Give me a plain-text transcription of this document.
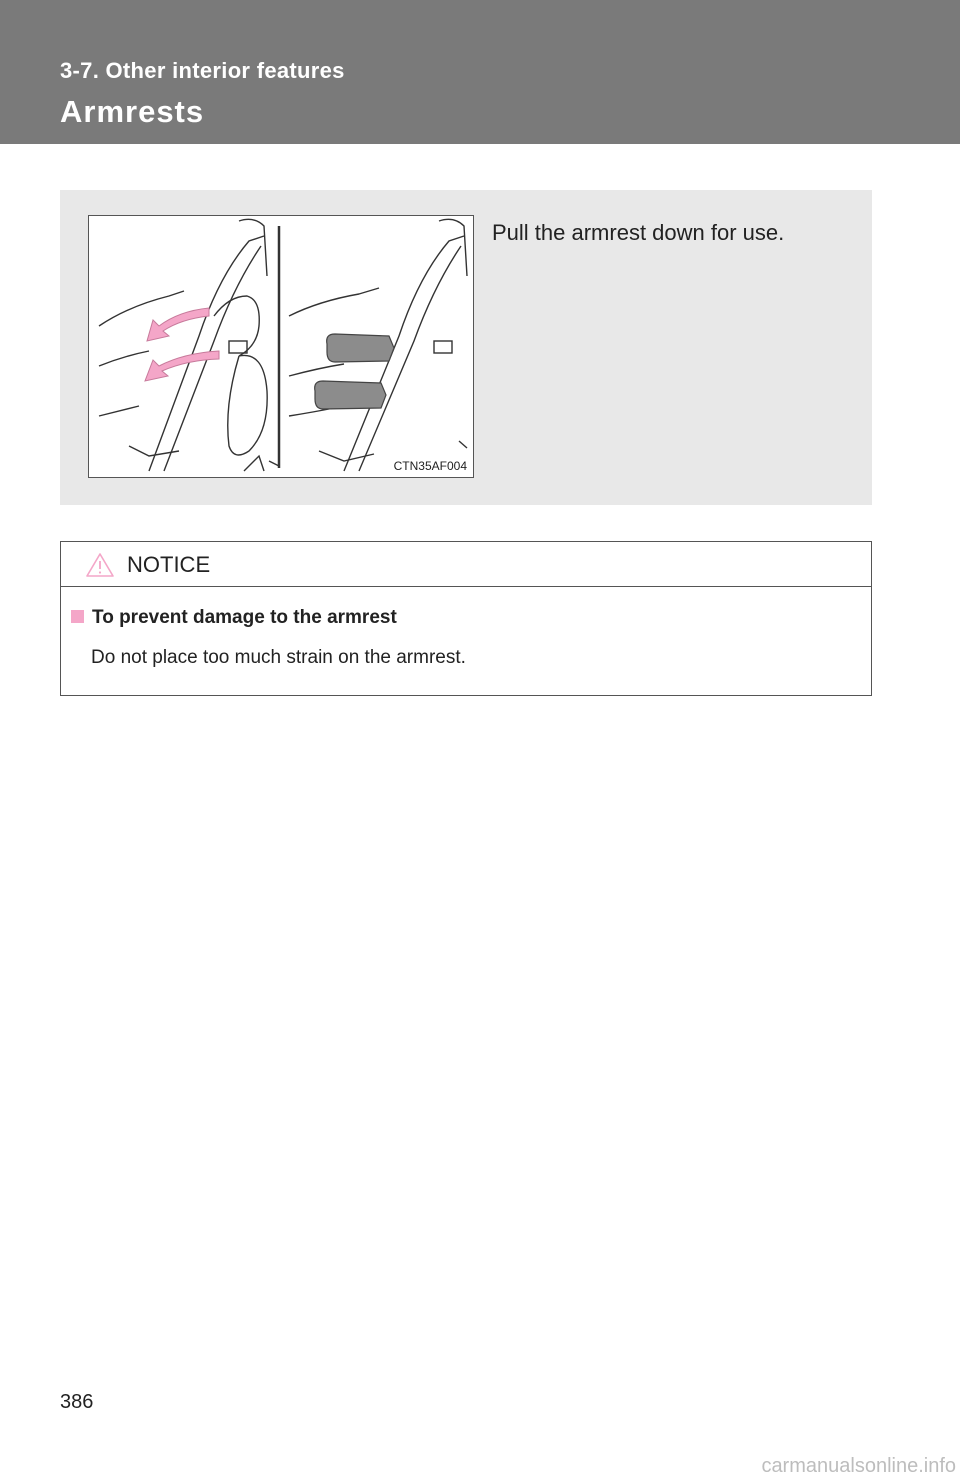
3-7. Other interior features
Armrests
CTN35AF004
Pull the armrest down for use.
NOTICE
To prevent damage to the armrest
Do not place too much strain on the armrest.
386
carmanualsonline.info
